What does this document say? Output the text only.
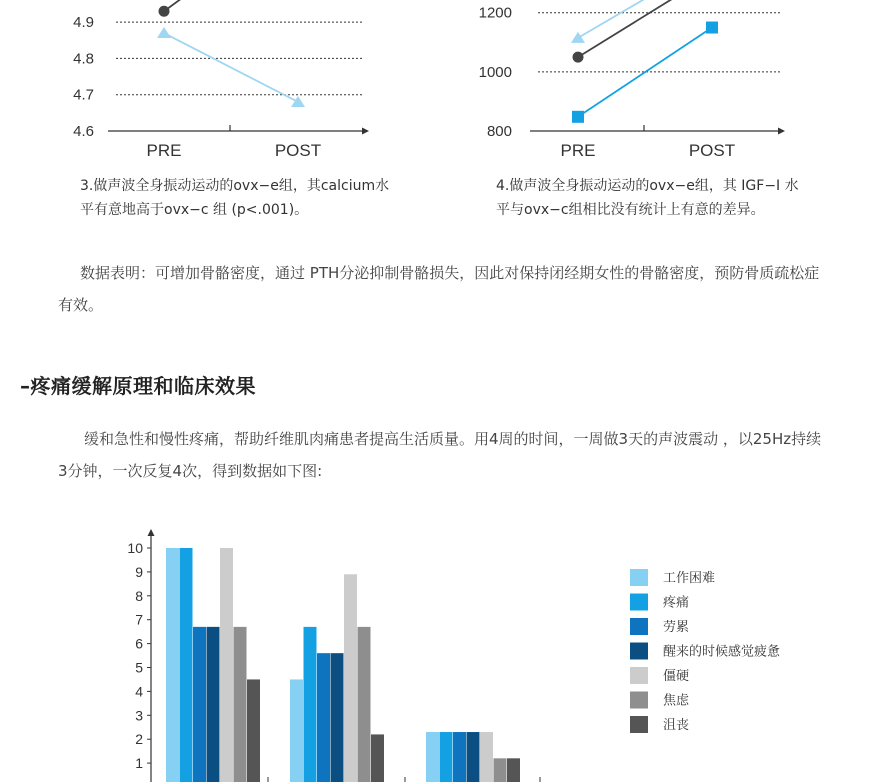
4.9
4.8
4.7
4.6
PRE	POST
3.做声波全身振动运动的ovx−e组，其calcium水
平有意地高于ovx−c 组 (p<.001)。
1200
1000
800
PRE	POST
4.做声波全身振动运动的ovx−e组，其 IGF−I 水
平与ovx−c组相比没有统计上有意的差异。
数据表明：可增加骨骼密度，通过 PTH分泌抑制骨骼损失，因此对保持闭经期女性的骨骼密度，预防骨质疏松症
有效。
–疼痛缓解原理和临床效果
缓和急性和慢性疼痛，帮助纤维肌肉痛患者提高生活质量。用4周的时间，一周做3天的声波震动 ，以25Hz持续
3分钟，一次反复4次，得到数据如下图:
10
9
8
7
6
5
4
3
2
1
工作困难
疼痛
劳累
醒来的时候感觉疲惫
僵硬
焦虑
沮丧
